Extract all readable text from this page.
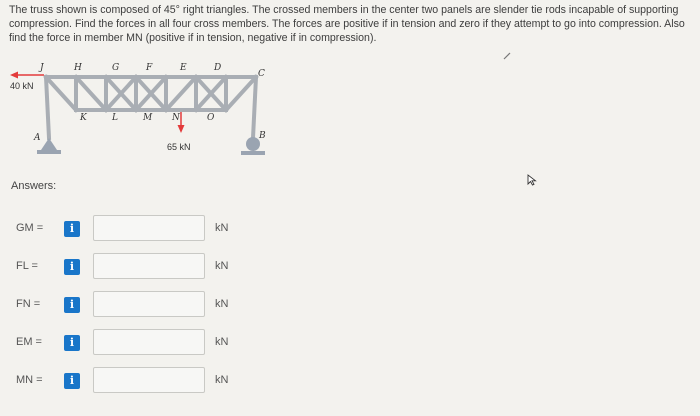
The truss shown is composed of 45° right triangles. The crossed members in the center two panels are slender tie rods incapable of supporting compression. Find the forces in all four cross members. The forces are positive if in tension and zero if they attempt to go into compression. Also find the force in member MN (positive if in tension, negative if in compression).
J	H	G	F	E	D
C
K	L	M N	O
A	B
40 kN
65 kN
Answers:
GM =	i	kN
FL =	i	kN
FN =	i	kN
EM =	i	kN
MN =	i	kN
